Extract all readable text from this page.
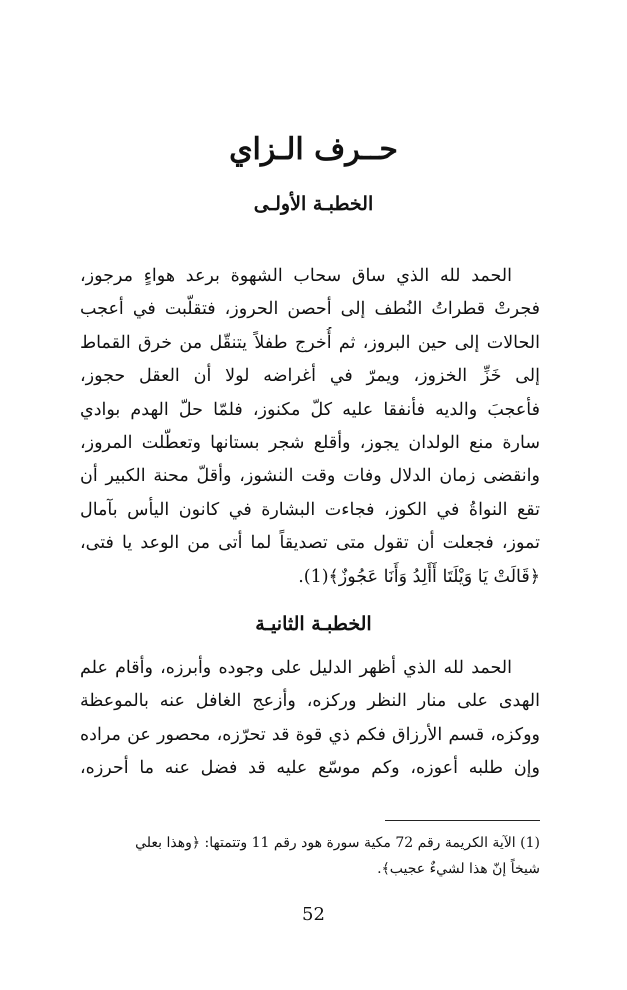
حــرف الـزاي
الخطبـة الأولـى
الحمد لله الذي ساق سحاب الشهوة برعد هواءٍ مرجوز،
فجرتْ قطراتُ النُطف إلى أحصن الحروز، فتقلّبت في أعجب
الحالات إلى حين البروز، ثم أُخرج طفلاً يتنقّل من خرق القماط
إلى خَزِّ الخزوز، ويمرّ في أغراضه لولا أن العقل حجوز،
فأعجبَ والديه فأنفقا عليه كلّ مكنوز، فلمّا حلّ الهدم بوادي
سارة منع الولدان يجوز، وأقلع شجر بستانها وتعطّلت المروز،
وانقضى زمان الدلال وفات وقت النشوز، وأقلّ محنة الكبير أن
تقع النواةُ في الكوز، فجاءت البشارة في كانون اليأس بآمال
تموز، فجعلت أن تقول متى تصديقاً لما أتى من الوعد يا فتى،
﴿قَالَتْ يَا وَيْلَتَا أَأَلِدُ وَأَنَا عَجُوزٌ﴾(1).
الخطبـة الثانيـة
الحمد لله الذي أظهر الدليل على وجوده وأبرزه، وأقام علم
الهدى على منار النظر وركزه، وأزعج الغافل عنه بالموعظة
ووكزه، قسم الأرزاق فكم ذي قوة قد تحرّزه، محصور عن مراده
وإن طلبه أعوزه، وكم موسّع عليه قد فضل عنه ما أحرزه،
(1) الآية الكريمة رقم 72 مكية سورة هود رقم 11 وتتمتها: ﴿وهذا بعلي
شيخاً إنّ هذا لشيءٌ عجيب﴾.
52
